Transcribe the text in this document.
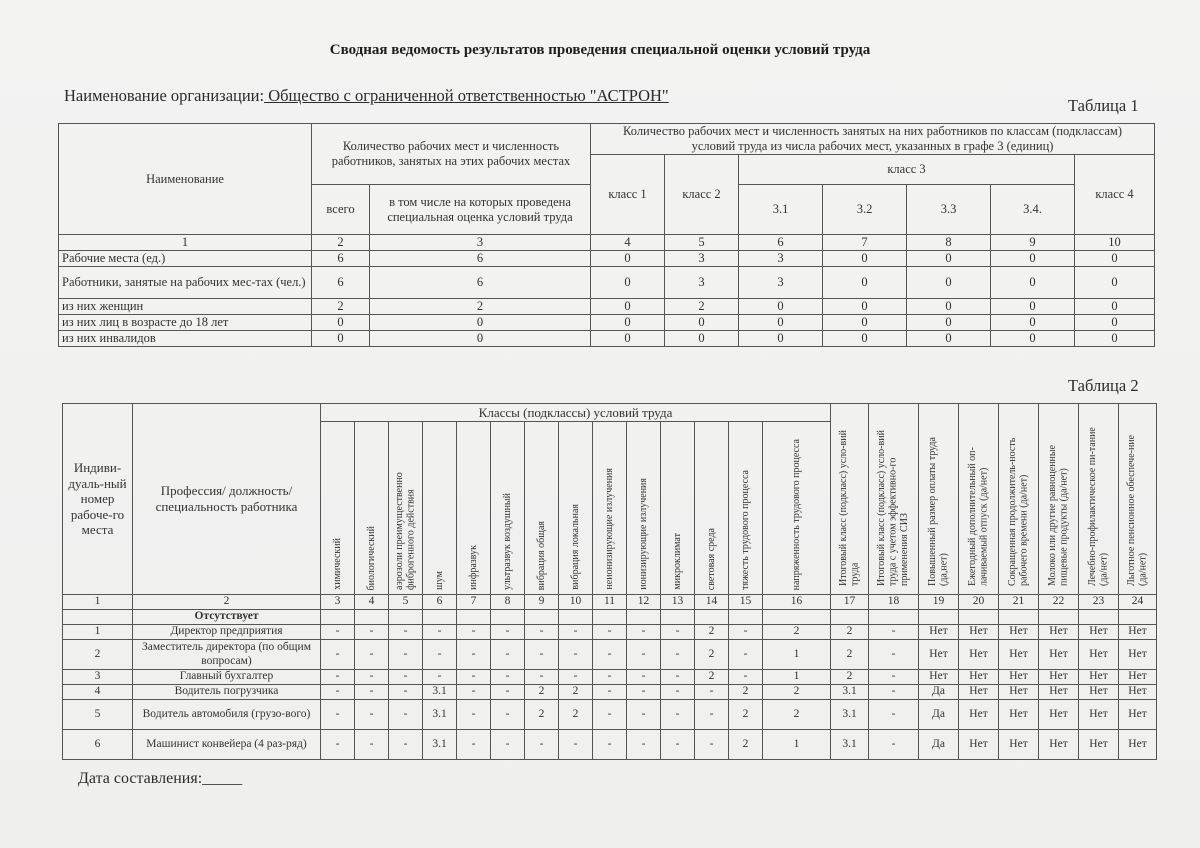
Сводная ведомость результатов проведения специальной оценки условий труда
Наименование организации: Общество с ограниченной ответственностью "АСТРОН"
Таблица 1
Наименование	Количество рабочих мест и численность работников, занятых на этих рабочих местах		Количество рабочих мест и численность занятых на них работников по классам (подклассам) условий труда из числа рабочих мест, указанных в графе 3 (единиц)						
			класс 1	класс 2	класс 3				класс 4
	всего	в том числе на которых проведена специальная оценка условий труда			3.1	3.2	3.3	3.4.	
1	2	3	4	5	6	7	8	9	10
Рабочие места (ед.)	6	6	0	3	3	0	0	0	0
Работники, занятые на рабочих мес-тах (чел.)	6	6	0	3	3	0	0	0	0
из них женщин	2	2	0	2	0	0	0	0	0
из них лиц в возрасте до 18 лет	0	0	0	0	0	0	0	0	0
из них инвалидов	0	0	0	0	0	0	0	0	0
Таблица 2
Индиви-дуаль-ный номер рабоче-го места	Профессия/ должность/ специальность работника	Классы (подклассы) условий труда														Итоговый класс (подкласс) усло-вий труда	Итоговый класс (подкласс) усло-вий труда с учетом эффективно-го применения СИЗ	Повышенный размер оплаты труда (да,нет)	Ежегодный дополнительный оп-лачиваемый отпуск (да/нет)	Сокращенная продолжитель-ность рабочего времени (да/нет)	Молоко или другие равноценные пищевые продукты (да/нет)	Лечебно-профилактическое пи-тание (да/нет)	Льготное пенсионное обеспече-ние (да/нет)

		химический	биологический	аэрозоли преимущественно фиброгенного действия	шум	инфразвук	ультразвук воздушный	вибрация общая	вибрация локальная	неионизирующие излучения	ионизирующие излучения	микроклимат	световая среда	тяжесть трудового процесса	напряженность трудового процесса								

1	2	3	4	5	6	7	8	9	10	11	12	13	14	15	16	17	18	19	20	21	22	23	24
	Отсутствует																						
1	Директор предприятия	-	-	-	-	-	-	-	-	-	-	-	2	-	2	2	-	Нет	Нет	Нет	Нет	Нет	Нет
2	Заместитель директора (по общим вопросам)	-	-	-	-	-	-	-	-	-	-	-	2	-	1	2	-	Нет	Нет	Нет	Нет	Нет	Нет
3	Главный бухгалтер	-	-	-	-	-	-	-	-	-	-	-	2	-	1	2	-	Нет	Нет	Нет	Нет	Нет	Нет
4	Водитель погрузчика	-	-	-	3.1	-	-	2	2	-	-	-	-	2	2	3.1	-	Да	Нет	Нет	Нет	Нет	Нет
5	Водитель автомобиля (грузо-вого)	-	-	-	3.1	-	-	2	2	-	-	-	-	2	2	3.1	-	Да	Нет	Нет	Нет	Нет	Нет
6	Машинист конвейера (4 раз-ряд)	-	-	-	3.1	-	-	-	-	-	-	-	-	2	1	3.1	-	Да	Нет	Нет	Нет	Нет	Нет
Дата составления:_____
